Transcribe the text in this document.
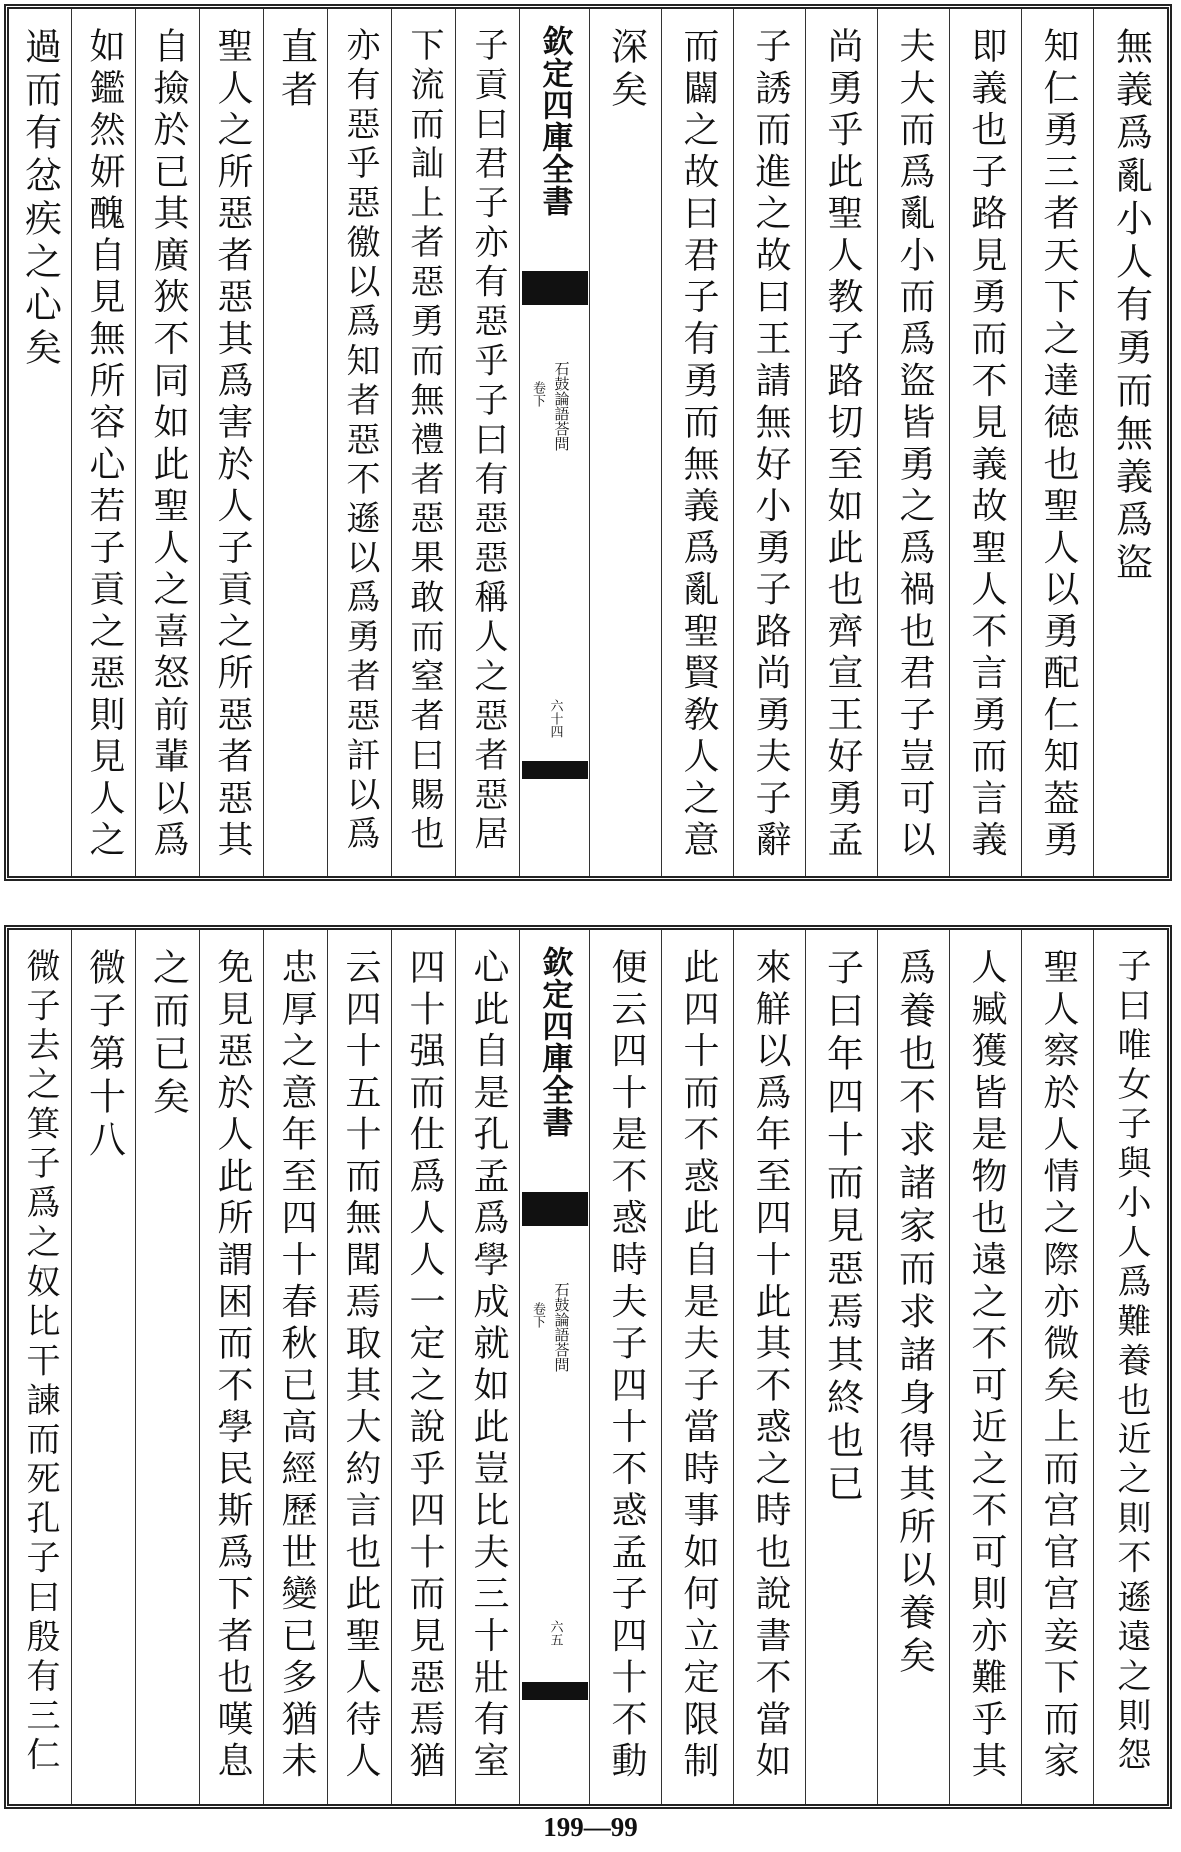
過而有忿疾之心矣 如鑑然妍醜自見無所容心若子貢之惡則見人之 自撿於已其廣狹不同如此聖人之喜怒前輩以爲 聖人之所惡者惡其爲害於人子貢之所惡者惡其 直者 亦有惡乎惡徼以爲知者惡不遜以爲勇者惡訐以爲 下流而訕上者惡勇而無禮者惡果敢而窒者曰賜也 子貢曰君子亦有惡乎子曰有惡惡稱人之惡者惡居 欽定四庫全書
石鼓論語荅問
卷下
六十四
深矣 而闢之故曰君子有勇而無義爲亂聖賢敎人之意 子誘而進之故曰王請無好小勇子路尚勇夫子辭 尚勇乎此聖人教子路切至如此也齊宣王好勇孟 夫大而爲亂小而爲盜皆勇之爲禍也君子豈可以 即義也子路見勇而不見義故聖人不言勇而言義 知仁勇三者天下之達徳也聖人以勇配仁知葢勇 無義爲亂小人有勇而無義爲盜
微子去之箕子爲之奴比干諫而死孔子曰殷有三仁 微子第十八 之而已矣 免見惡於人此所謂困而不學民斯爲下者也嘆息 忠厚之意年至四十春秋已高經歷世變已多猶未 云四十五十而無聞焉取其大約言也此聖人待人 四十强而仕爲人人一定之說乎四十而見惡焉猶 心此自是孔孟爲學成就如此豈比夫三十壯有室 欽定四庫全書
石鼓論語荅問
卷下
六五 便云四十是不惑時夫子四十不惑孟子四十不動 此四十而不惑此自是夫子當時事如何立定限制 來觧以爲年至四十此其不惑之時也說書不當如 子曰年四十而見惡焉其終也已 爲養也不求諸家而求諸身得其所以養矣 人臧獲皆是物也遠之不可近之不可則亦難乎其 聖人察於人情之際亦微矣上而宫官宫妾下而家 子曰唯女子與小人爲難養也近之則不遜遠之則怨
199—99
